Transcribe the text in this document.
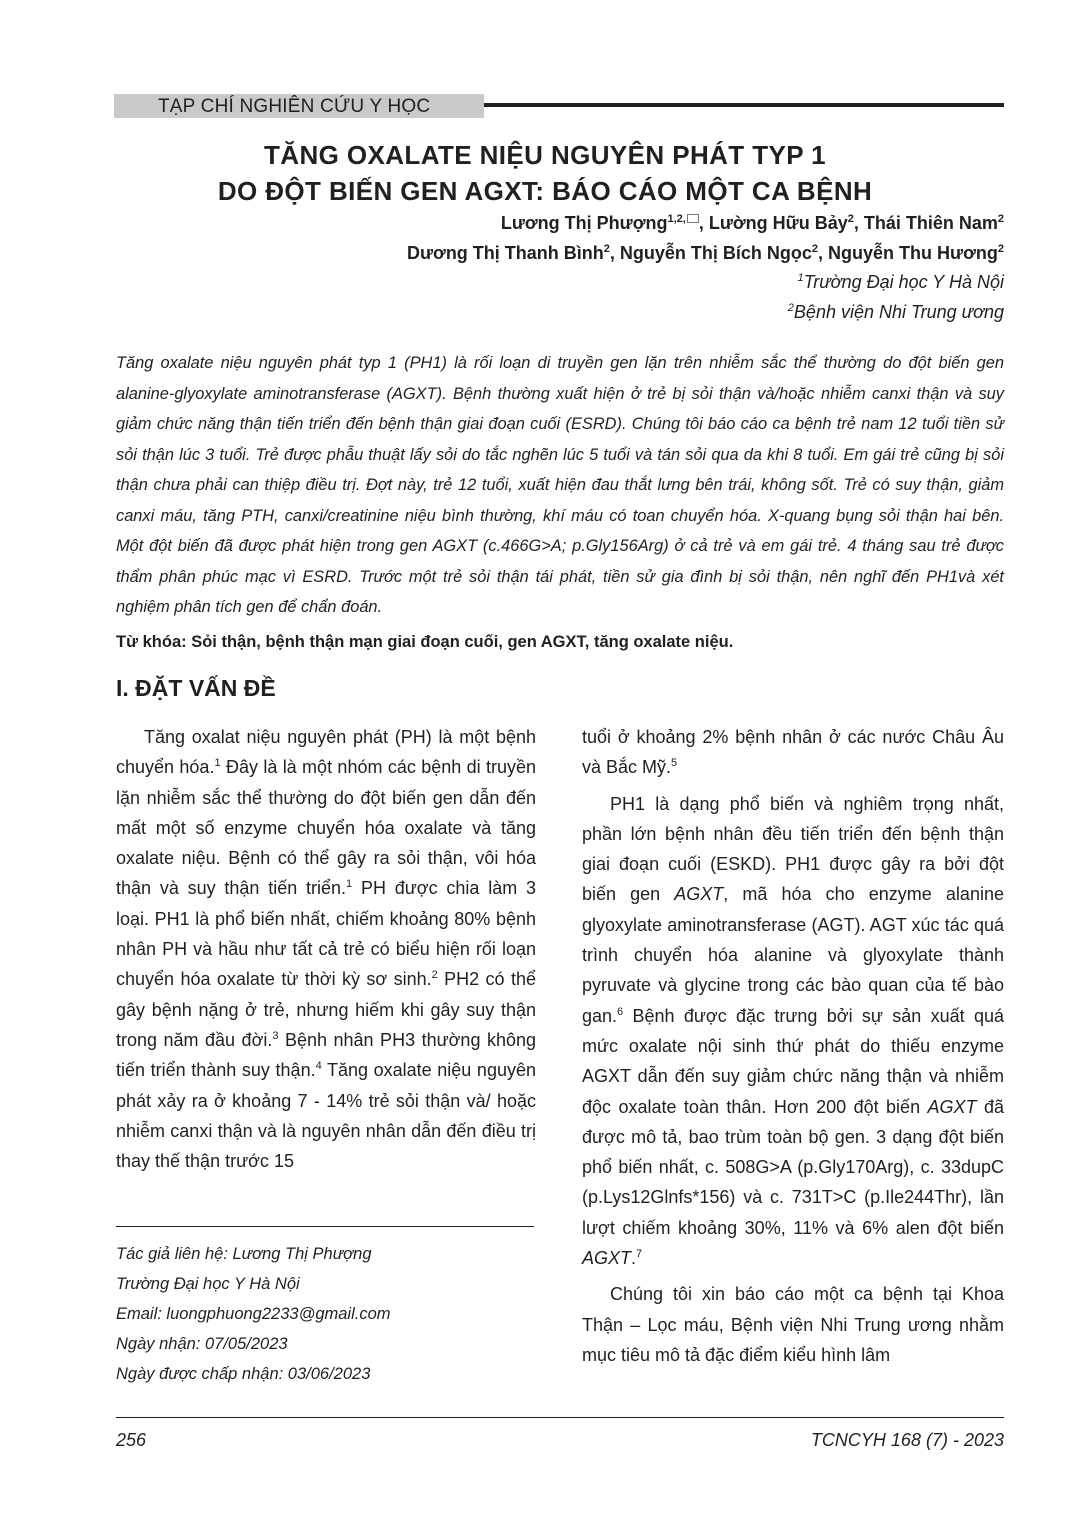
TẠP CHÍ NGHIÊN CỨU Y HỌC
TĂNG OXALATE NIỆU NGUYÊN PHÁT TYP 1
DO ĐỘT BIẾN GEN AGXT: BÁO CÁO MỘT CA BỆNH
Lương Thị Phượng$^{1,2,}$ , Lường Hữu Bảy$^2$, Thái Thiên Nam$^2$
Dương Thị Thanh Bình$^2$, Nguyễn Thị Bích Ngọc$^2$, Nguyễn Thu Hương$^2$
$^1$Trường Đại học Y Hà Nội
$^2$Bệnh viện Nhi Trung ương
Tăng oxalate niệu nguyên phát typ 1 (PH1) là rối loạn di truyền gen lặn trên nhiễm sắc thể thường do đột biến gen alanine-glyoxylate aminotransferase (AGXT). Bệnh thường xuất hiện ở trẻ bị sỏi thận và/hoặc nhiễm canxi thận và suy giảm chức năng thận tiến triển đến bệnh thận giai đoạn cuối (ESRD). Chúng tôi báo cáo ca bệnh trẻ nam 12 tuổi tiền sử sỏi thận lúc 3 tuổi. Trẻ được phẫu thuật lấy sỏi do tắc nghẽn lúc 5 tuổi và tán sỏi qua da khi 8 tuổi. Em gái trẻ cũng bị sỏi thận chưa phải can thiệp điều trị. Đợt này, trẻ 12 tuổi, xuất hiện đau thắt lưng bên trái, không sốt. Trẻ có suy thận, giảm canxi máu, tăng PTH, canxi/creatinine niệu bình thường, khí máu có toan chuyển hóa. X-quang bụng sỏi thận hai bên. Một đột biến đã được phát hiện trong gen AGXT (c.466G>A; p.Gly156Arg) ở cả trẻ và em gái trẻ. 4 tháng sau trẻ được thẩm phân phúc mạc vì ESRD. Trước một trẻ sỏi thận tái phát, tiền sử gia đình bị sỏi thận, nên nghĩ đến PH1và xét nghiệm phân tích gen để chẩn đoán.
Từ khóa: Sỏi thận, bệnh thận mạn giai đoạn cuối, gen AGXT, tăng oxalate niệu.
I. ĐẶT VẤN ĐỀ

Tăng oxalat niệu nguyên phát (PH) là một bệnh chuyển hóa.$^1$ Đây là là một nhóm các bệnh di truyền lặn nhiễm sắc thể thường do đột biến gen dẫn đến mất một số enzyme chuyển hóa oxalate và tăng oxalate niệu. Bệnh có thể gây ra sỏi thận, vôi hóa thận và suy thận tiến triển.$^1$ PH được chia làm 3 loại. PH1 là phổ biến nhất, chiếm khoảng 80% bệnh nhân PH và hầu như tất cả trẻ có biểu hiện rối loạn chuyển hóa oxalate từ thời kỳ sơ sinh.$^2$ PH2 có thể gây bệnh nặng ở trẻ, nhưng hiếm khi gây suy thận trong năm đầu đời.$^3$ Bệnh nhân PH3 thường không tiến triển thành suy thận.$^4$ Tăng oxalate niệu nguyên phát xảy ra ở khoảng 7 - 14% trẻ sỏi thận và/ hoặc nhiễm canxi thận và là nguyên nhân dẫn đến điều trị thay thế thận trước 15

tuổi ở khoảng 2% bệnh nhân ở các nước Châu Âu và Bắc Mỹ.$^5$

PH1 là dạng phổ biến và nghiêm trọng nhất, phần lớn bệnh nhân đều tiến triển đến bệnh thận giai đoạn cuối (ESKD). PH1 được gây ra bởi đột biến gen AGXT, mã hóa cho enzyme alanine glyoxylate aminotransferase (AGT). AGT xúc tác quá trình chuyển hóa alanine và glyoxylate thành pyruvate và glycine trong các bào quan của tế bào gan.$^6$ Bệnh được đặc trưng bởi sự sản xuất quá mức oxalate nội sinh thứ phát do thiếu enzyme AGXT dẫn đến suy giảm chức năng thận và nhiễm độc oxalate toàn thân. Hơn 200 đột biến AGXT đã được mô tả, bao trùm toàn bộ gen. 3 dạng đột biến phổ biến nhất, c. 508G>A (p.Gly170Arg), c. 33dupC (p.Lys12Glnfs*156) và c. 731T>C (p.Ile244Thr), lần lượt chiếm khoảng 30%, 11% và 6% alen đột biến AGXT.$^7$

Chúng tôi xin báo cáo một ca bệnh tại Khoa Thận – Lọc máu, Bệnh viện Nhi Trung ương nhằm mục tiêu mô tả đặc điểm kiểu hình lâm

Tác giả liên hệ: Lương Thị Phượng
Trường Đại học Y Hà Nội
Email: luongphuong2233@gmail.com
Ngày nhận: 07/05/2023
Ngày được chấp nhận: 03/06/2023
256	TCNCYH 168 (7) - 2023
